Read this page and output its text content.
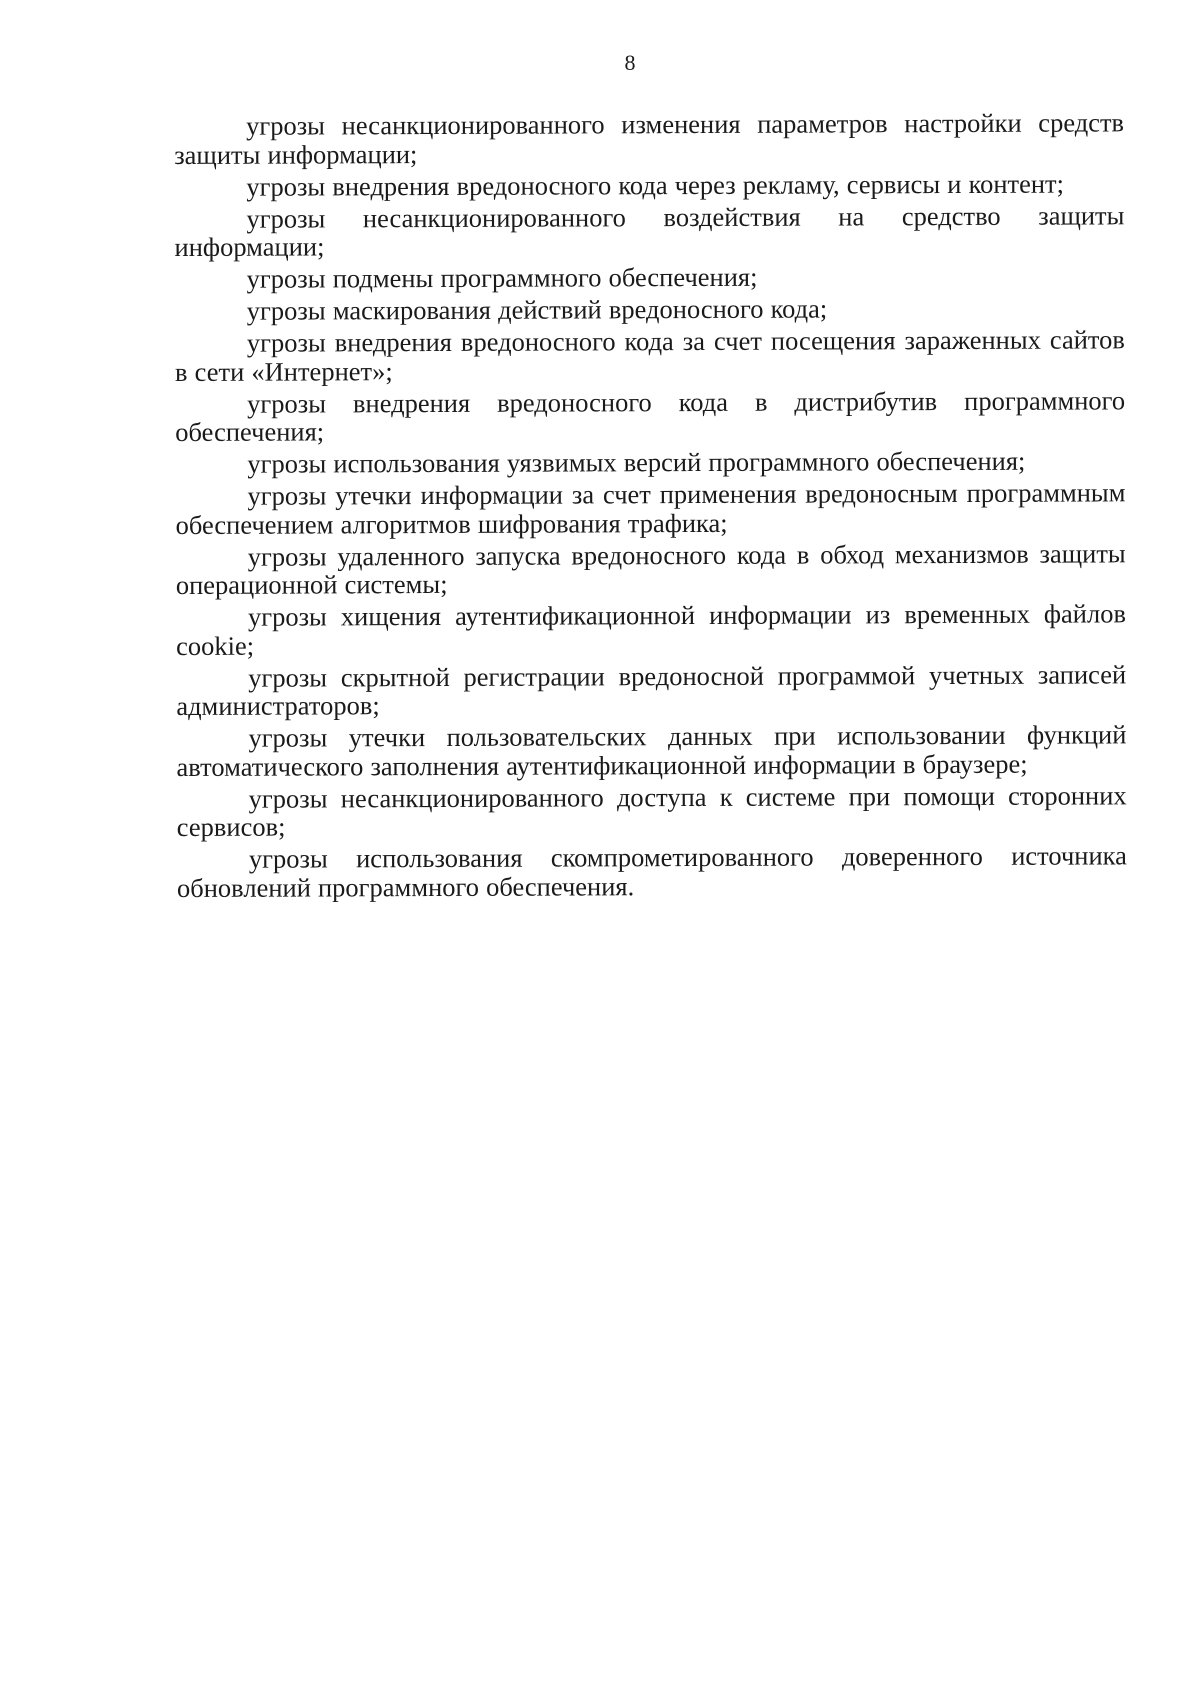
8

угрозы несанкционированного изменения параметров настройки средств защиты информации;

угрозы внедрения вредоносного кода через рекламу, сервисы и контент;

угрозы несанкционированного воздействия на средство защиты информации;

угрозы подмены программного обеспечения;

угрозы маскирования действий вредоносного кода;

угрозы внедрения вредоносного кода за счет посещения зараженных сайтов в сети «Интернет»;

угрозы внедрения вредоносного кода в дистрибутив программного обеспечения;

угрозы использования уязвимых версий программного обеспечения;

угрозы утечки информации за счет применения вредоносным программным обеспечением алгоритмов шифрования трафика;

угрозы удаленного запуска вредоносного кода в обход механизмов защиты операционной системы;

угрозы хищения аутентификационной информации из временных файлов cookie;

угрозы скрытной регистрации вредоносной программой учетных записей администраторов;

угрозы утечки пользовательских данных при использовании функций автоматического заполнения аутентификационной информации в браузере;

угрозы несанкционированного доступа к системе при помощи сторонних сервисов;

угрозы использования скомпрометированного доверенного источника обновлений программного обеспечения.
